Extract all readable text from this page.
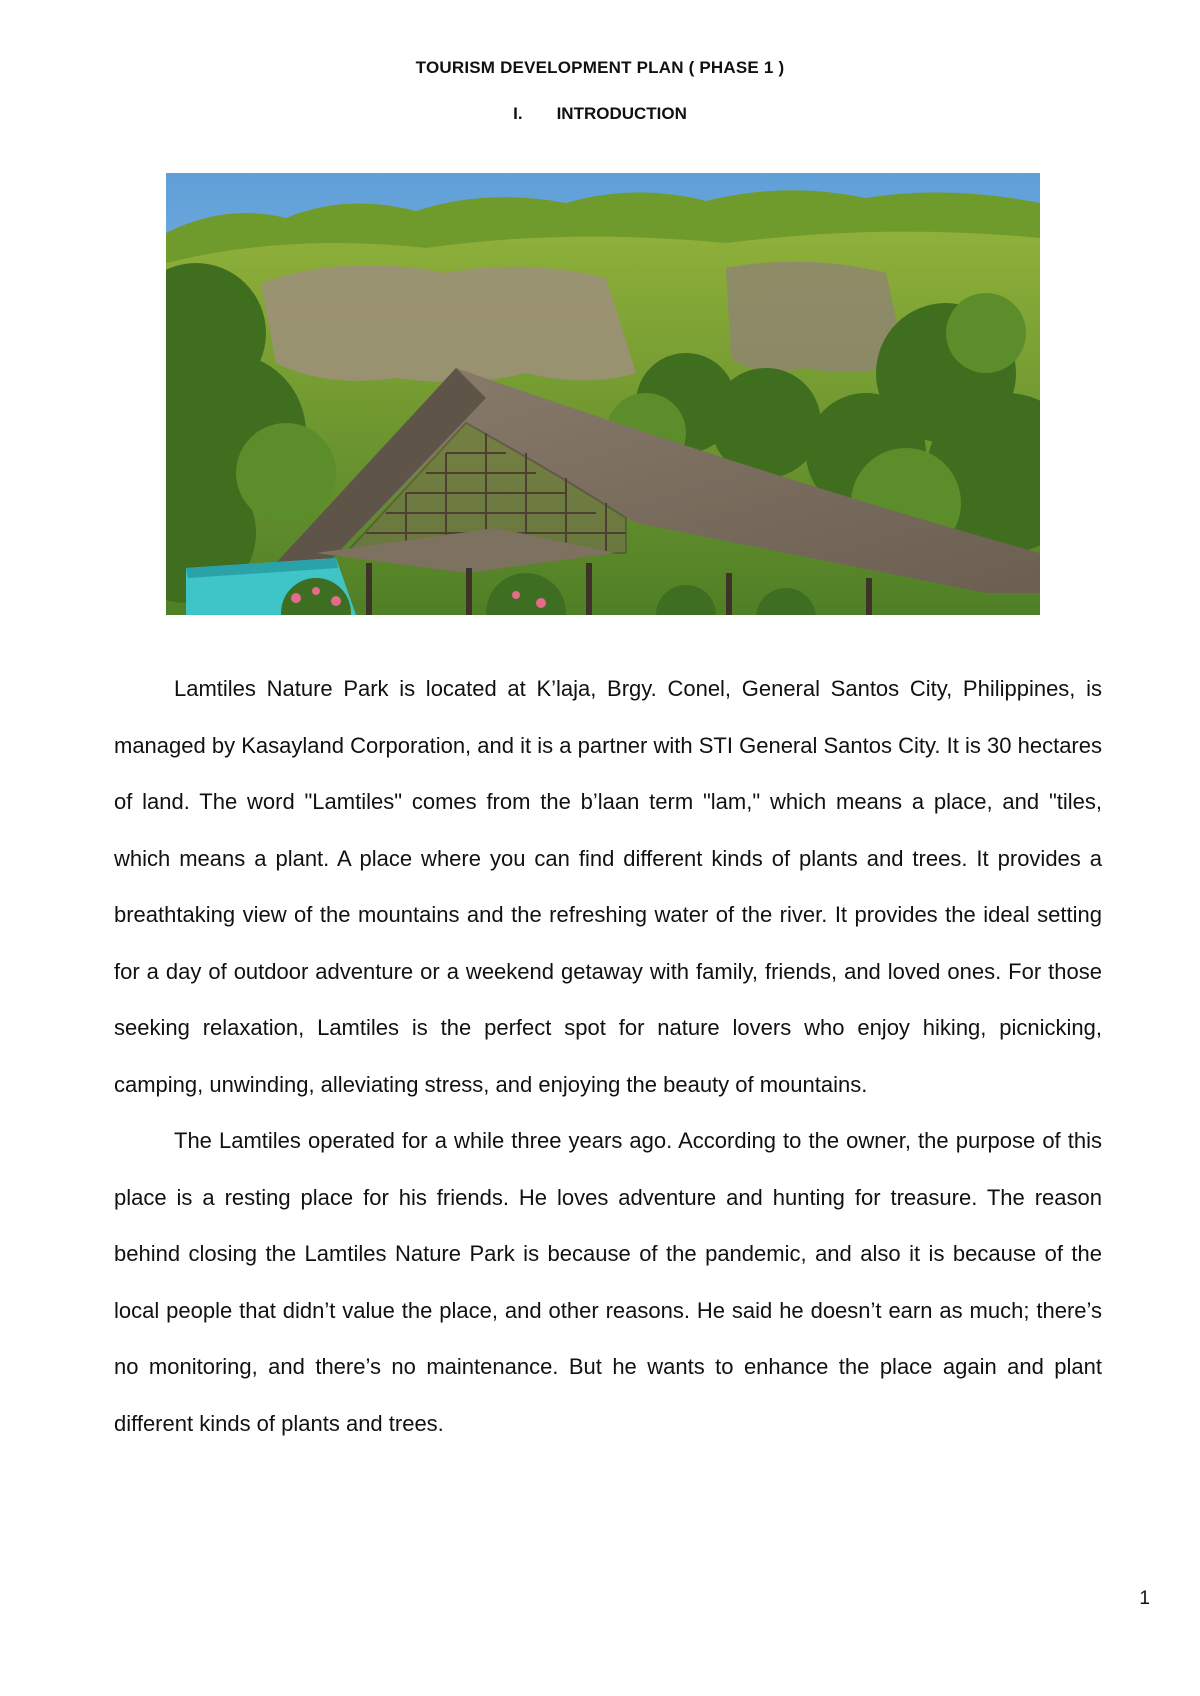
TOURISM DEVELOPMENT PLAN ( PHASE 1 )
I. INTRODUCTION

Lamtiles Nature Park is located at K’laja, Brgy. Conel, General Santos City, Philippines, is managed by Kasayland Corporation, and it is a partner with STI General Santos City. It is 30 hectares of land. The word "Lamtiles" comes from the b’laan term "lam," which means a place, and "tiles, which means a plant. A place where you can find different kinds of plants and trees. It provides a breathtaking view of the mountains and the refreshing water of the river. It provides the ideal setting for a day of outdoor adventure or a weekend getaway with family, friends, and loved ones. For those seeking relaxation, Lamtiles is the perfect spot for nature lovers who enjoy hiking, picnicking, camping, unwinding, alleviating stress, and enjoying the beauty of mountains.

The Lamtiles operated for a while three years ago. According to the owner, the purpose of this place is a resting place for his friends. He loves adventure and hunting for treasure. The reason behind closing the Lamtiles Nature Park is because of the pandemic, and also it is because of the local people that didn’t value the place, and other reasons. He said he doesn’t earn as much; there’s no monitoring, and there’s no maintenance. But he wants to enhance the place again and plant different kinds of plants and trees.

1
